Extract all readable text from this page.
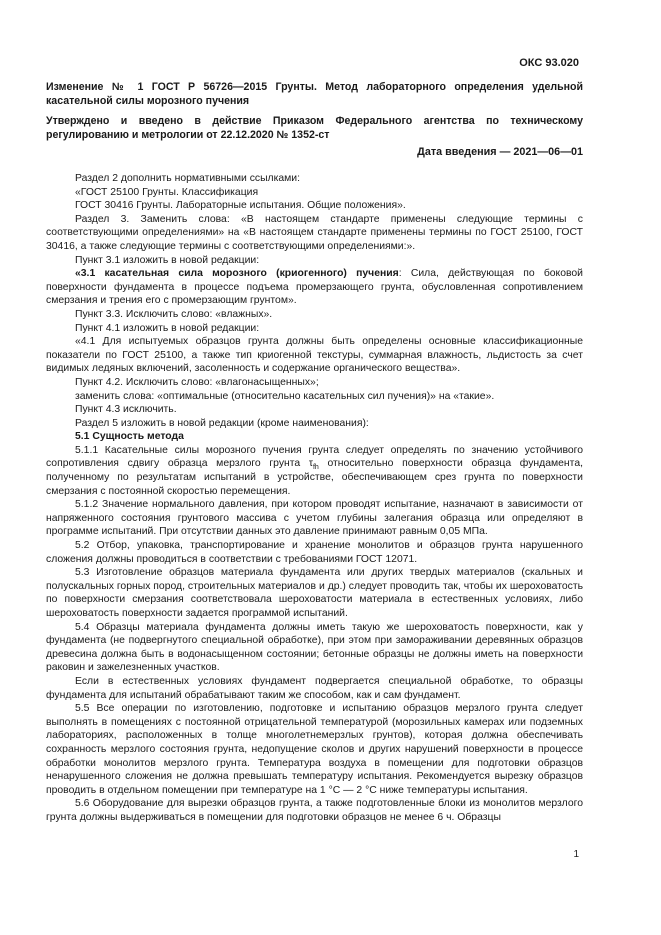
ОКС 93.020
Изменение № 1 ГОСТ Р 56726—2015 Грунты. Метод лабораторного определения удельной касательной силы морозного пучения
Утверждено и введено в действие Приказом Федерального агентства по техническому регулированию и метрологии от 22.12.2020 № 1352-ст
Дата введения — 2021—06—01

Раздел 2 дополнить нормативными ссылками:

«ГОСТ 25100 Грунты. Классификация

ГОСТ 30416 Грунты. Лабораторные испытания. Общие положения».

Раздел 3. Заменить слова: «В настоящем стандарте применены следующие термины с соответствующими определениями» на «В настоящем стандарте применены термины по ГОСТ 25100, ГОСТ 30416, а также следующие термины с соответствующими определениями:».

Пункт 3.1 изложить в новой редакции:

«3.1 касательная сила морозного (криогенного) пучения: Сила, действующая по боковой поверхности фундамента в процессе подъема промерзающего грунта, обусловленная сопротивлением смерзания и трения его с промерзающим грунтом».

Пункт 3.3. Исключить слово: «влажных».

Пункт 4.1 изложить в новой редакции:

«4.1 Для испытуемых образцов грунта должны быть определены основные классификационные показатели по ГОСТ 25100, а также тип криогенной текстуры, суммарная влажность, льдистость за счет видимых ледяных включений, засоленность и содержание органического вещества».

Пункт 4.2. Исключить слово: «влагонасыщенных»;

заменить слова: «оптимальные (относительно касательных сил пучения)» на «такие».

Пункт 4.3 исключить.

Раздел 5 изложить в новой редакции (кроме наименования):

5.1 Сущность метода

5.1.1 Касательные силы морозного пучения грунта следует определять по значению устойчивого сопротивления сдвигу образца мерзлого грунта $\tau_{fh}$ относительно поверхности образца фундамента, полученному по результатам испытаний в устройстве, обеспечивающем срез грунта по поверхности смерзания с постоянной скоростью перемещения.

5.1.2 Значение нормального давления, при котором проводят испытание, назначают в зависимости от напряженного состояния грунтового массива с учетом глубины залегания образца или определяют в программе испытаний. При отсутствии данных это давление принимают равным 0,05 МПа.

5.2 Отбор, упаковка, транспортирование и хранение монолитов и образцов грунта нарушенного сложения должны проводиться в соответствии с требованиями ГОСТ 12071.

5.3 Изготовление образцов материала фундамента или других твердых материалов (скальных и полускальных горных пород, строительных материалов и др.) следует проводить так, чтобы их шероховатость по поверхности смерзания соответствовала шероховатости материала в естественных условиях, либо шероховатость поверхности задается программой испытаний.

5.4 Образцы материала фундамента должны иметь такую же шероховатость поверхности, как у фундамента (не подвергнутого специальной обработке), при этом при замораживании деревянных образцов древесина должна быть в водонасыщенном состоянии; бетонные образцы не должны иметь на поверхности раковин и зажелезненных участков.

Если в естественных условиях фундамент подвергается специальной обработке, то образцы фундамента для испытаний обрабатывают таким же способом, как и сам фундамент.

5.5 Все операции по изготовлению, подготовке и испытанию образцов мерзлого грунта следует выполнять в помещениях с постоянной отрицательной температурой (морозильных камерах или подземных лабораториях, расположенных в толще многолетнемерзлых грунтов), которая должна обеспечивать сохранность мерзлого состояния грунта, недопущение сколов и других нарушений поверхности в процессе обработки монолитов мерзлого грунта. Температура воздуха в помещении для подготовки образцов ненарушенного сложения не должна превышать температуру испытания. Рекомендуется вырезку образцов проводить в отдельном помещении при температуре на 1 °C — 2 °C ниже температуры испытания.

5.6 Оборудование для вырезки образцов грунта, а также подготовленные блоки из монолитов мерзлого грунта должны выдерживаться в помещении для подготовки образцов не менее 6 ч. Образцы

1
